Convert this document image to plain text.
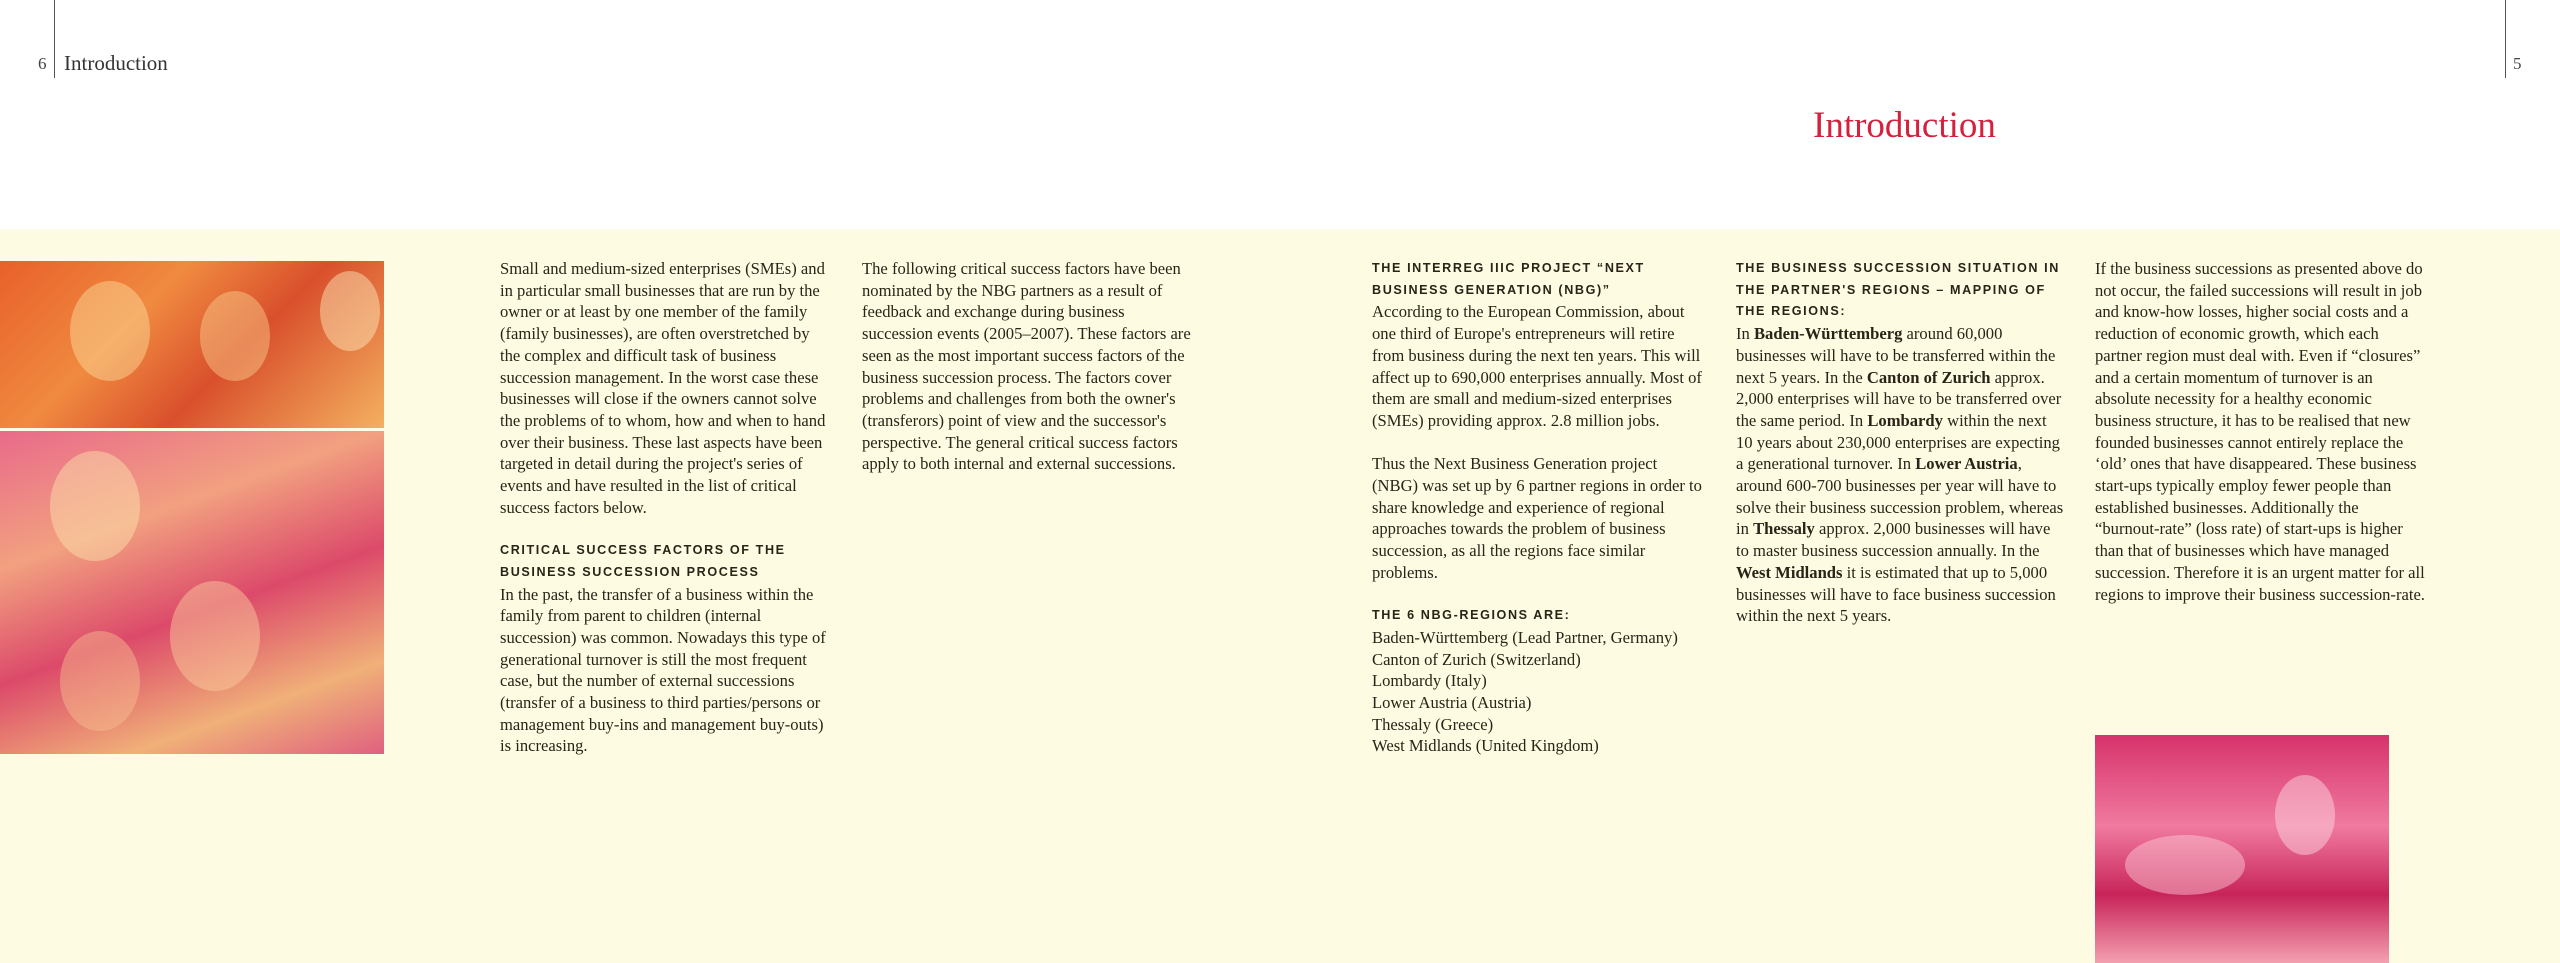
6 Introduction	5
Introduction

Small and medium-sized enterprises (SMEs) and in particular small businesses that are run by the owner or at least by one member of the family (family businesses), are often overstretched by the complex and difficult task of business succession management. In the worst case these businesses will close if the owners cannot solve the problems of to whom, how and when to hand over their business. These last aspects have been targeted in detail during the project's series of events and have resulted in the list of critical success factors below.

CRITICAL SUCCESS FACTORS OF THE BUSINESS SUCCESSION PROCESS

In the past, the transfer of a business within the family from parent to children (internal succession) was common. Nowadays this type of generational turnover is still the most frequent case, but the number of external successions (transfer of a business to third parties/persons or management buy-ins and management buy-outs) is increasing.

The following critical success factors have been nominated by the NBG partners as a result of feedback and exchange during business succession events (2005–2007). These factors are seen as the most important success factors of the business succession process. The factors cover problems and challenges from both the owner's (transferors) point of view and the successor's perspective. The general critical success factors apply to both internal and external successions.

THE INTERREG IIIC PROJECT “NEXT BUSINESS GENERATION (NBG)”

According to the European Commission, about one third of Europe's entrepreneurs will retire from business during the next ten years. This will affect up to 690,000 enterprises annually. Most of them are small and medium-sized enterprises (SMEs) providing approx. 2.8 million jobs.

Thus the Next Business Generation project (NBG) was set up by 6 partner regions in order to share knowledge and experience of regional approaches towards the problem of business succession, as all the regions face similar problems.

THE 6 NBG-REGIONS ARE:
Baden-Württemberg (Lead Partner, Germany)
Canton of Zurich (Switzerland)
Lombardy (Italy)
Lower Austria (Austria)
Thessaly (Greece)
West Midlands (United Kingdom)
THE BUSINESS SUCCESSION SITUATION IN THE PARTNER'S REGIONS – MAPPING OF THE REGIONS:

In Baden-Württemberg around 60,000 businesses will have to be transferred within the next 5 years. In the Canton of Zurich approx. 2,000 enterprises will have to be transferred over the same period. In Lombardy within the next 10 years about 230,000 enterprises are expecting a generational turnover. In Lower Austria, around 600-700 businesses per year will have to solve their business succession problem, whereas in Thessaly approx. 2,000 businesses will have to master business succession annually. In the West Midlands it is estimated that up to 5,000 businesses will have to face business succession within the next 5 years.

If the business successions as presented above do not occur, the failed successions will result in job and know-how losses, higher social costs and a reduction of economic growth, which each partner region must deal with. Even if “closures” and a certain momentum of turnover is an absolute necessity for a healthy economic business structure, it has to be realised that new founded businesses cannot entirely replace the ‘old’ ones that have disappeared. These business start-ups typically employ fewer people than established businesses. Additionally the “burnout-rate” (loss rate) of start-ups is higher than that of businesses which have managed succession. Therefore it is an urgent matter for all regions to improve their business succession-rate.
